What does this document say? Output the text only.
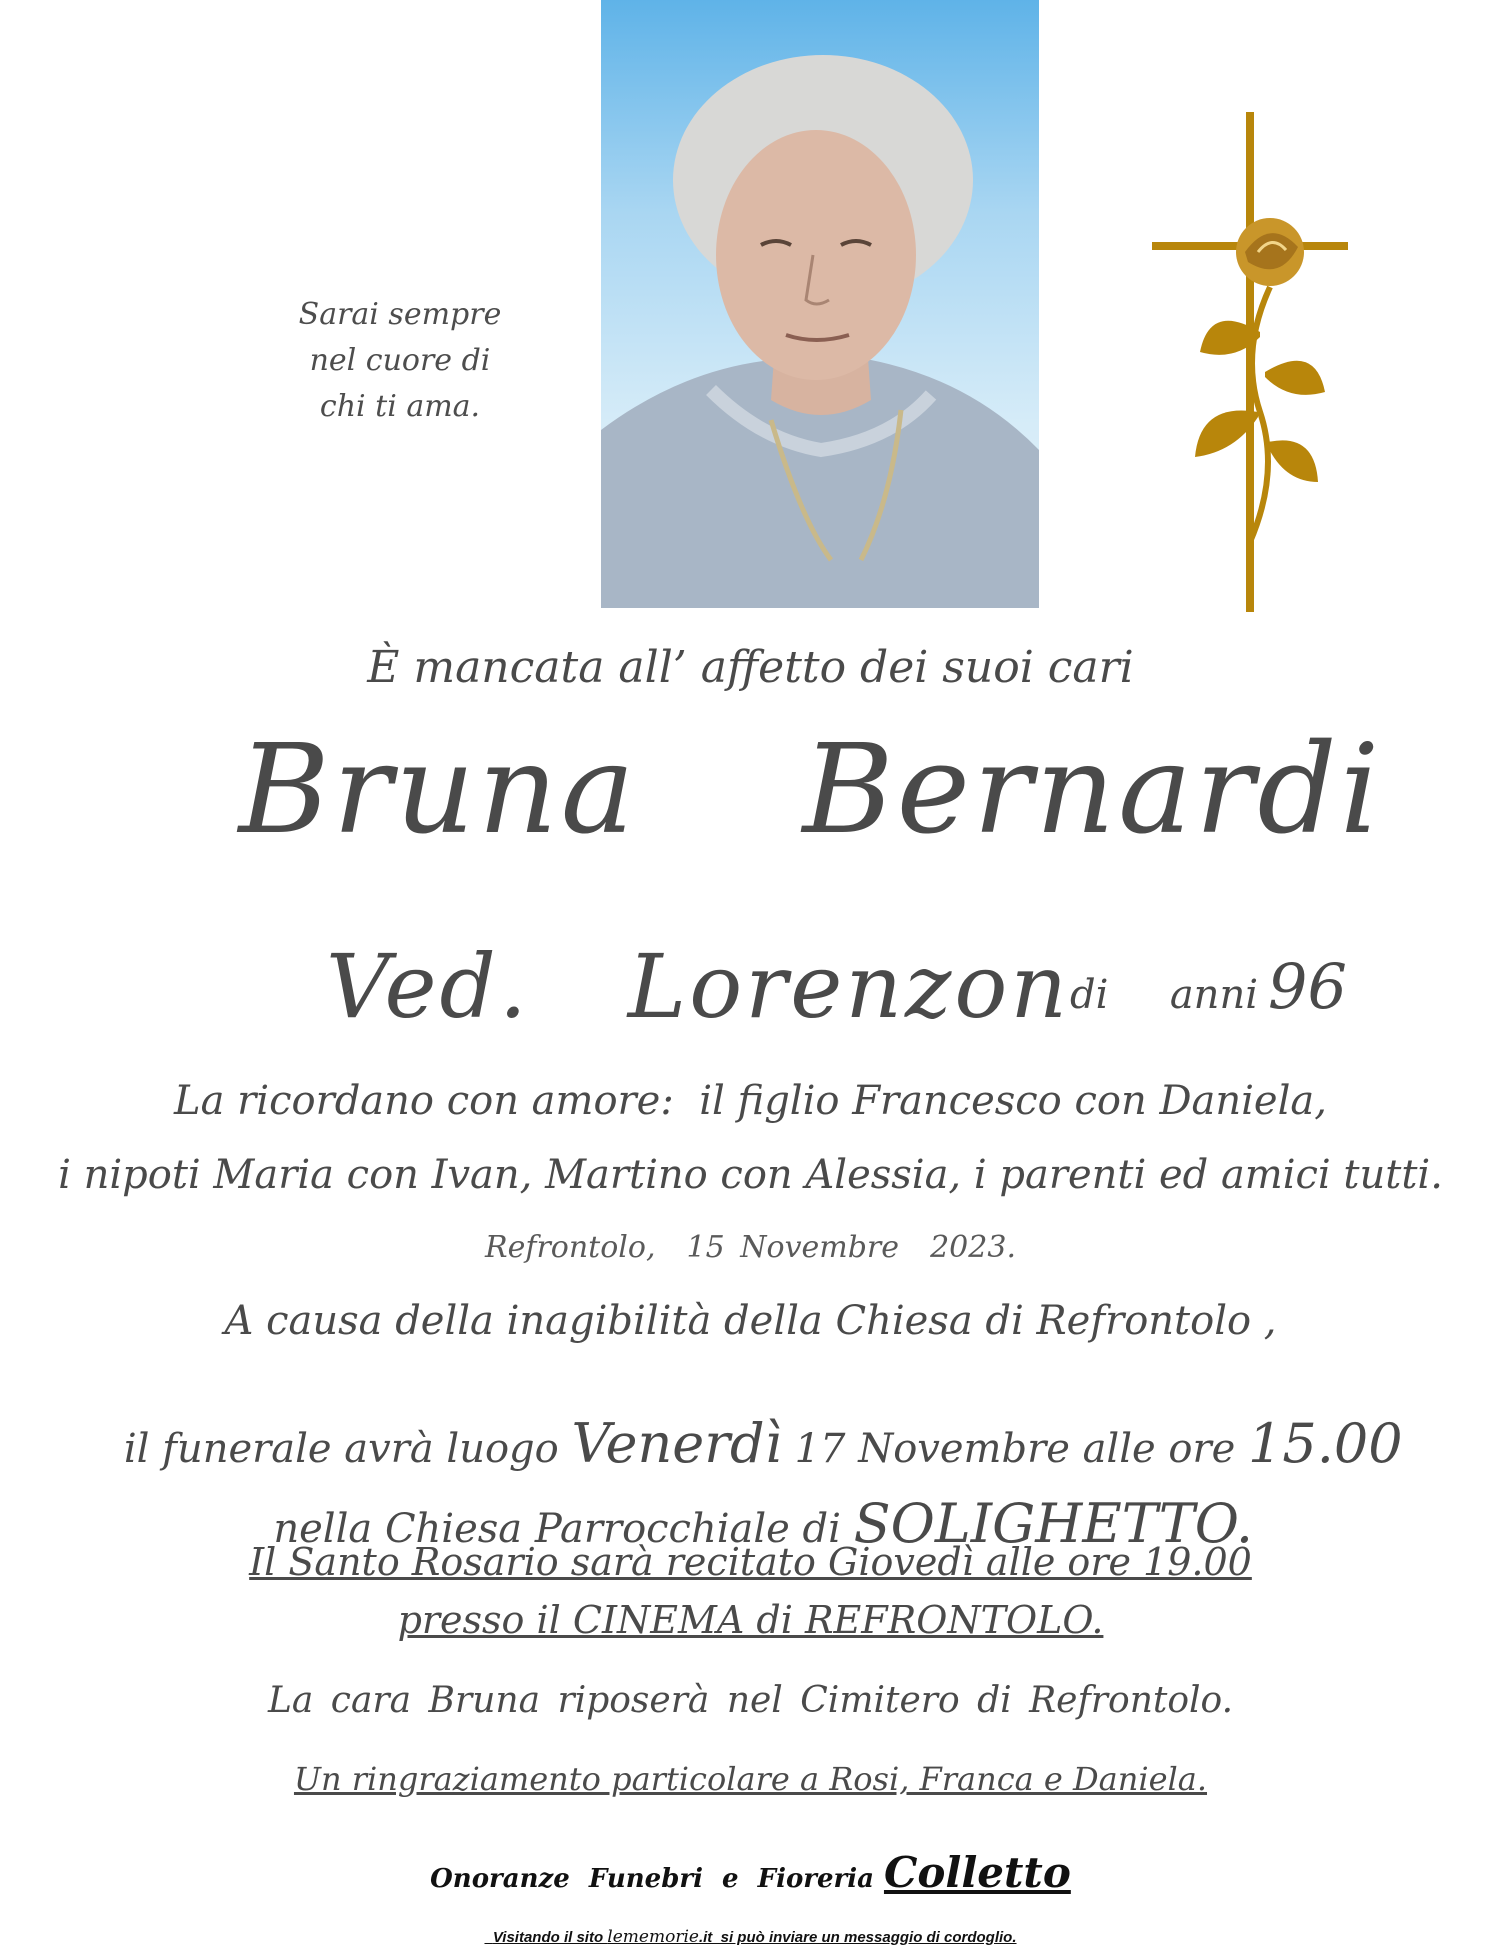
Sarai sempre
nel cuore di
chi ti ama.
È mancata all’ affetto dei suoi cari
Bruna  Bernardi
Ved.  Lorenzon di  anni 96
La ricordano con amore:  il figlio Francesco con Daniela,
i nipoti Maria con Ivan, Martino con Alessia, i parenti ed amici tutti.
Refrontolo,  15 Novembre  2023.
A causa della inagibilità della Chiesa di Refrontolo ,

il funerale avrà luogo Venerdì 17 Novembre alle ore 15.00

nella Chiesa Parrocchiale di SOLIGHETTO.

Il Santo Rosario sarà recitato Giovedì alle ore 19.00
presso il CINEMA di REFRONTOLO.
La cara Bruna riposerà nel Cimitero di Refrontolo.
Un ringraziamento particolare a Rosi, Franca e Daniela.
Onoranze Funebri e Fioreria Colletto

Visitando il sito lememorie.it  si può inviare un messaggio di cordoglio.
